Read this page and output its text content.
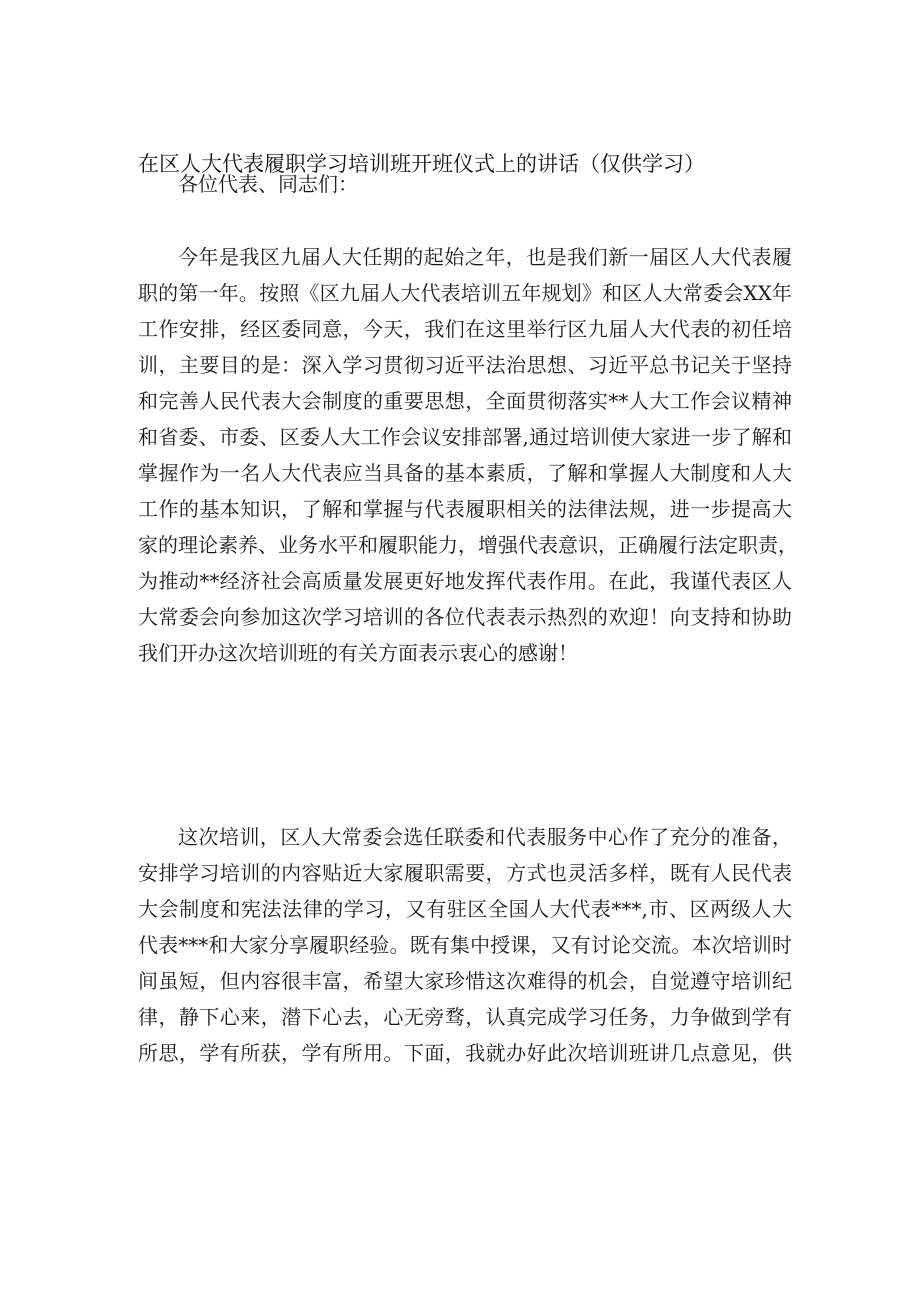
在区人大代表履职学习培训班开班仪式上的讲话（仅供学习）
各位代表、同志们：
今年是我区九届人大任期的起始之年，也是我们新一届区人大代表履
职的第一年。按照《区九届人大代表培训五年规划》和区人大常委会XX年
工作安排，经区委同意，今天，我们在这里举行区九届人大代表的初任培
训，主要目的是：深入学习贯彻习近平法治思想、习近平总书记关于坚持
和完善人民代表大会制度的重要思想，全面贯彻落实**人大工作会议精神
和省委、市委、区委人大工作会议安排部署,通过培训使大家进一步了解和
掌握作为一名人大代表应当具备的基本素质，了解和掌握人大制度和人大
工作的基本知识，了解和掌握与代表履职相关的法律法规，进一步提高大
家的理论素养、业务水平和履职能力，增强代表意识，正确履行法定职责，
为推动**经济社会高质量发展更好地发挥代表作用。在此，我谨代表区人
大常委会向参加这次学习培训的各位代表表示热烈的欢迎！向支持和协助
我们开办这次培训班的有关方面表示衷心的感谢！
这次培训，区人大常委会选任联委和代表服务中心作了充分的准备，
安排学习培训的内容贴近大家履职需要，方式也灵活多样，既有人民代表
大会制度和宪法法律的学习，又有驻区全国人大代表***,市、区两级人大
代表***和大家分享履职经验。既有集中授课，又有讨论交流。本次培训时
间虽短，但内容很丰富，希望大家珍惜这次难得的机会，自觉遵守培训纪
律，静下心来，潜下心去，心无旁骛，认真完成学习任务，力争做到学有
所思，学有所获，学有所用。下面，我就办好此次培训班讲几点意见，供
